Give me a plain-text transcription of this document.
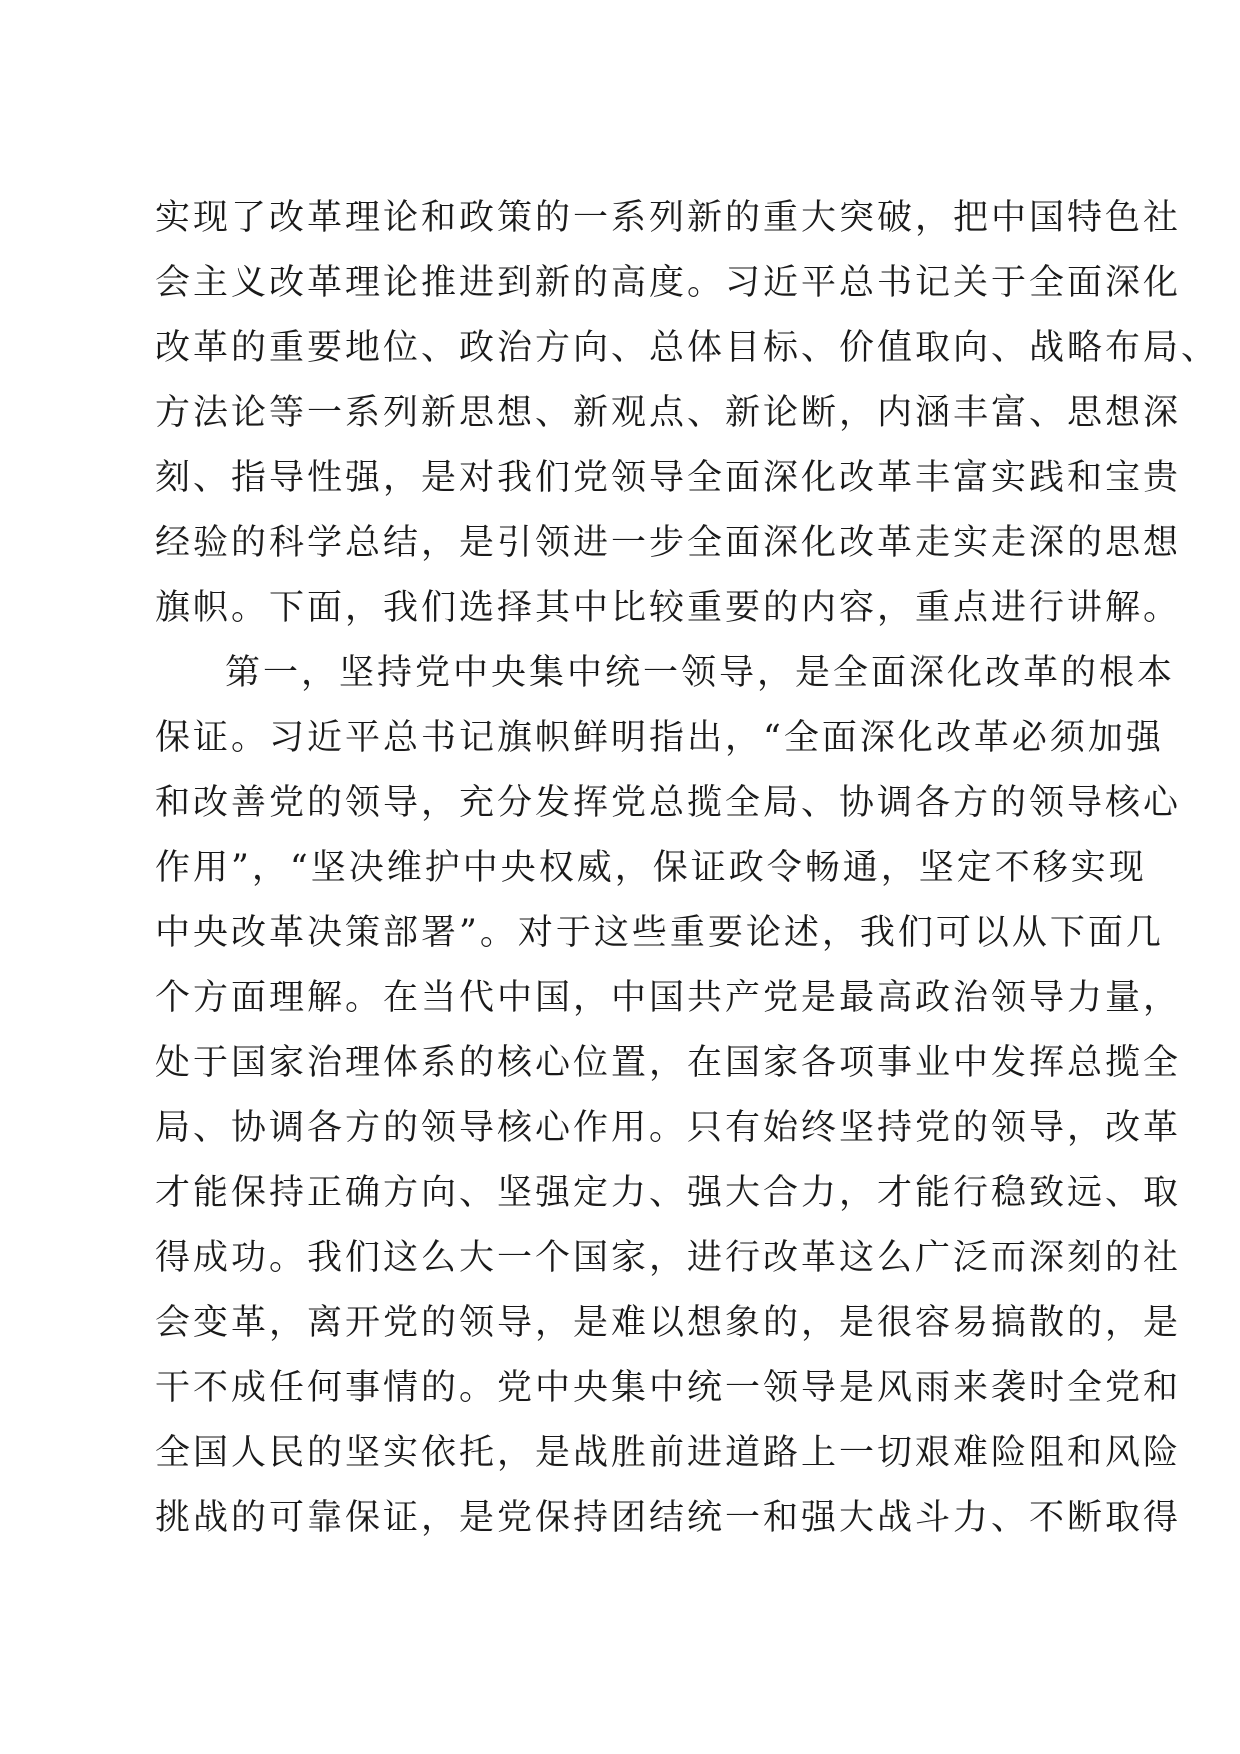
实现了改革理论和政策的一系列新的重大突破，把中国特色社
会主义改革理论推进到新的高度。习近平总书记关于全面深化
改革的重要地位、政治方向、总体目标、价值取向、战略布局、
方法论等一系列新思想、新观点、新论断，内涵丰富、思想深
刻、指导性强，是对我们党领导全面深化改革丰富实践和宝贵
经验的科学总结，是引领进一步全面深化改革走实走深的思想
旗帜。下面，我们选择其中比较重要的内容，重点进行讲解。
第一，坚持党中央集中统一领导，是全面深化改革的根本
保证。习近平总书记旗帜鲜明指出，“全面深化改革必须加强
和改善党的领导，充分发挥党总揽全局、协调各方的领导核心
作用”，“坚决维护中央权威，保证政令畅通，坚定不移实现
中央改革决策部署”。对于这些重要论述，我们可以从下面几
个方面理解。在当代中国，中国共产党是最高政治领导力量，
处于国家治理体系的核心位置，在国家各项事业中发挥总揽全
局、协调各方的领导核心作用。只有始终坚持党的领导，改革
才能保持正确方向、坚强定力、强大合力，才能行稳致远、取
得成功。我们这么大一个国家，进行改革这么广泛而深刻的社
会变革，离开党的领导，是难以想象的，是很容易搞散的，是
干不成任何事情的。党中央集中统一领导是风雨来袭时全党和
全国人民的坚实依托，是战胜前进道路上一切艰难险阻和风险
挑战的可靠保证，是党保持团结统一和强大战斗力、不断取得
